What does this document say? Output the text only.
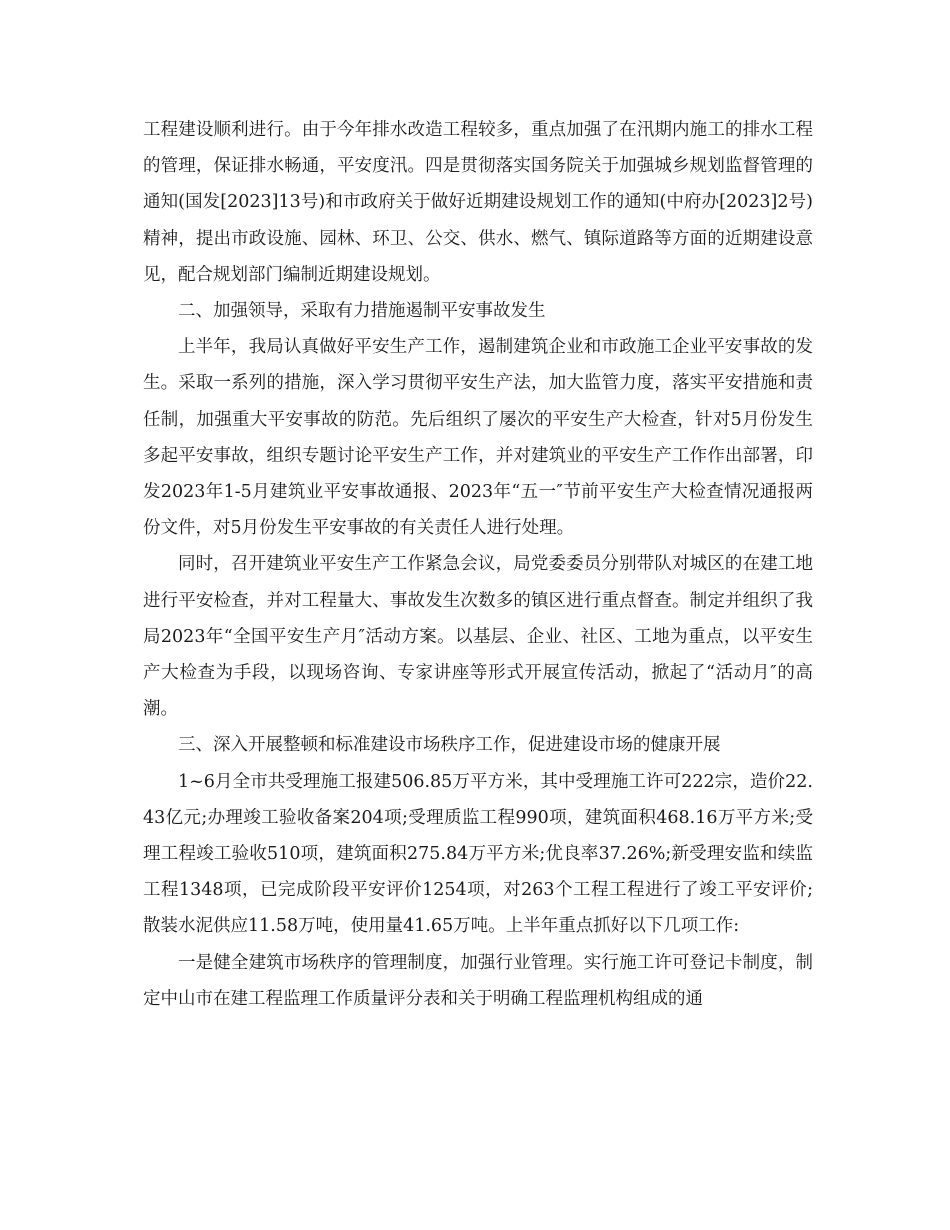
工程建设顺利进行。由于今年排水改造工程较多，重点加强了在汛期内施工的排水工程的管理，保证排水畅通，平安度汛。四是贯彻落实国务院关于加强城乡规划监督管理的通知(国发[2023]13号)和市政府关于做好近期建设规划工作的通知(中府办[2023]2号)精神，提出市政设施、园林、环卫、公交、供水、燃气、镇际道路等方面的近期建设意见，配合规划部门编制近期建设规划。

二、加强领导，采取有力措施遏制平安事故发生

上半年，我局认真做好平安生产工作，遏制建筑企业和市政施工企业平安事故的发生。采取一系列的措施，深入学习贯彻平安生产法，加大监管力度，落实平安措施和责任制，加强重大平安事故的防范。先后组织了屡次的平安生产大检查，针对5月份发生多起平安事故，组织专题讨论平安生产工作，并对建筑业的平安生产工作作出部署，印发2023年1-5月建筑业平安事故通报、2023年“五一″节前平安生产大检查情况通报两份文件，对5月份发生平安事故的有关责任人进行处理。

同时，召开建筑业平安生产工作紧急会议，局党委委员分别带队对城区的在建工地进行平安检查，并对工程量大、事故发生次数多的镇区进行重点督查。制定并组织了我局2023年“全国平安生产月″活动方案。以基层、企业、社区、工地为重点，以平安生产大检查为手段，以现场咨询、专家讲座等形式开展宣传活动，掀起了“活动月″的高潮。

三、深入开展整顿和标准建设市场秩序工作，促进建设市场的健康开展

1~6月全市共受理施工报建506.85万平方米，其中受理施工许可222宗，造价22.43亿元;办理竣工验收备案204项;受理质监工程990项，建筑面积468.16万平方米;受理工程竣工验收510项，建筑面积275.84万平方米;优良率37.26%;新受理安监和续监工程1348项，已完成阶段平安评价1254项，对263个工程工程进行了竣工平安评价;散装水泥供应11.58万吨，使用量41.65万吨。上半年重点抓好以下几项工作:

一是健全建筑市场秩序的管理制度，加强行业管理。实行施工许可登记卡制度，制定中山市在建工程监理工作质量评分表和关于明确工程监理机构组成的通
